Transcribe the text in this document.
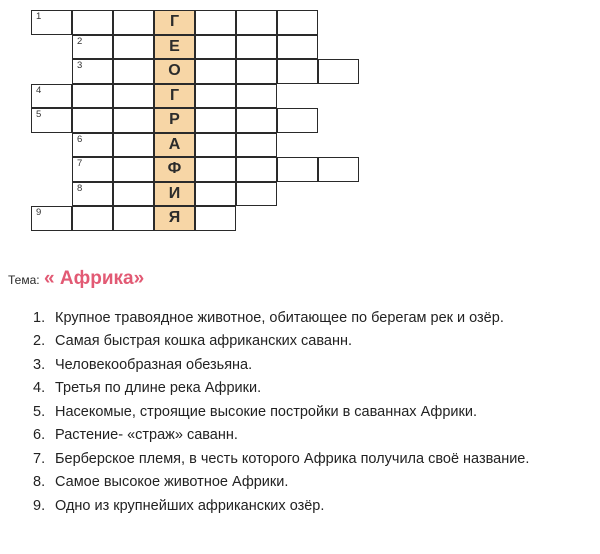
1	Г
2	Е
3	О
4	Г
5	Р
6	А
7	Ф
8	И
9	Я
Тема: « Африка»
1. Крупное травоядное животное, обитающее по берегам рек и озёр.
2. Самая быстрая кошка африканских саванн.
3. Человекообразная обезьяна.
4. Третья по длине река Африки.
5. Насекомые, строящие высокие постройки в саваннах Африки.
6. Растение- «страж» саванн.
7. Берберское племя, в честь которого Африка получила своё название.
8. Самое высокое животное Африки.
9. Одно из крупнейших африканских озёр.
